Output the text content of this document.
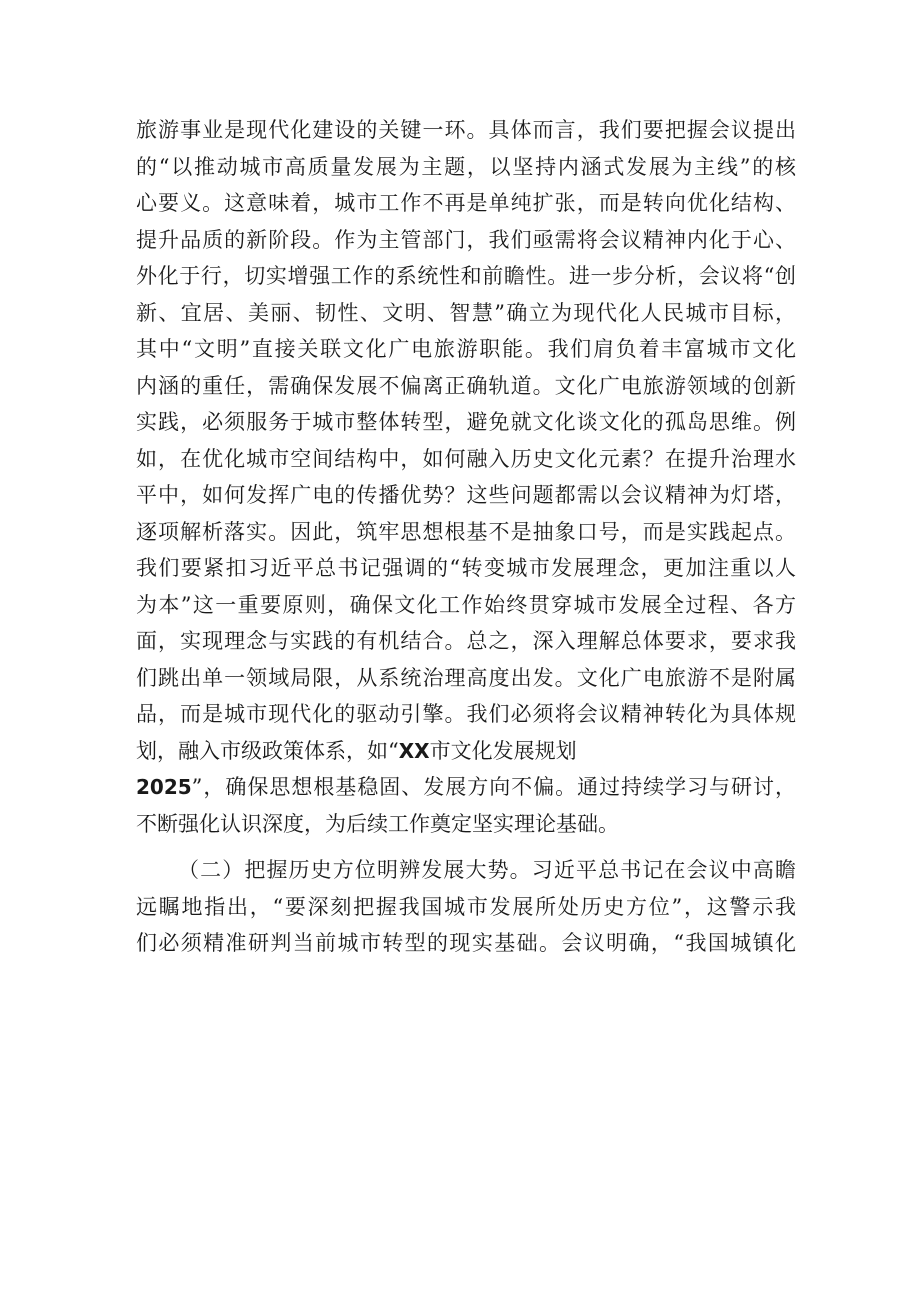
旅游事业是现代化建设的关键一环。具体而言，我们要把握会议提出
的“以推动城市高质量发展为主题，以坚持内涵式发展为主线”的核
心要义。这意味着，城市工作不再是单纯扩张，而是转向优化结构、
提升品质的新阶段。作为主管部门，我们亟需将会议精神内化于心、
外化于行，切实增强工作的系统性和前瞻性。进一步分析，会议将“创
新、宜居、美丽、韧性、文明、智慧”确立为现代化人民城市目标，
其中“文明”直接关联文化广电旅游职能。我们肩负着丰富城市文化
内涵的重任，需确保发展不偏离正确轨道。文化广电旅游领域的创新
实践，必须服务于城市整体转型，避免就文化谈文化的孤岛思维。例
如，在优化城市空间结构中，如何融入历史文化元素？在提升治理水
平中，如何发挥广电的传播优势？这些问题都需以会议精神为灯塔，
逐项解析落实。因此，筑牢思想根基不是抽象口号，而是实践起点。
我们要紧扣习近平总书记强调的“转变城市发展理念，更加注重以人
为本”这一重要原则，确保文化工作始终贯穿城市发展全过程、各方
面，实现理念与实践的有机结合。总之，深入理解总体要求，要求我
们跳出单一领域局限，从系统治理高度出发。文化广电旅游不是附属
品，而是城市现代化的驱动引擎。我们必须将会议精神转化为具体规
划，融入市级政策体系，如“XX市文化发展规划
2025”，确保思想根基稳固、发展方向不偏。通过持续学习与研讨，
不断强化认识深度，为后续工作奠定坚实理论基础。
（二）把握历史方位明辨发展大势。习近平总书记在会议中高瞻
远瞩地指出，“要深刻把握我国城市发展所处历史方位”，这警示我
们必须精准研判当前城市转型的现实基础。会议明确，“我国城镇化
